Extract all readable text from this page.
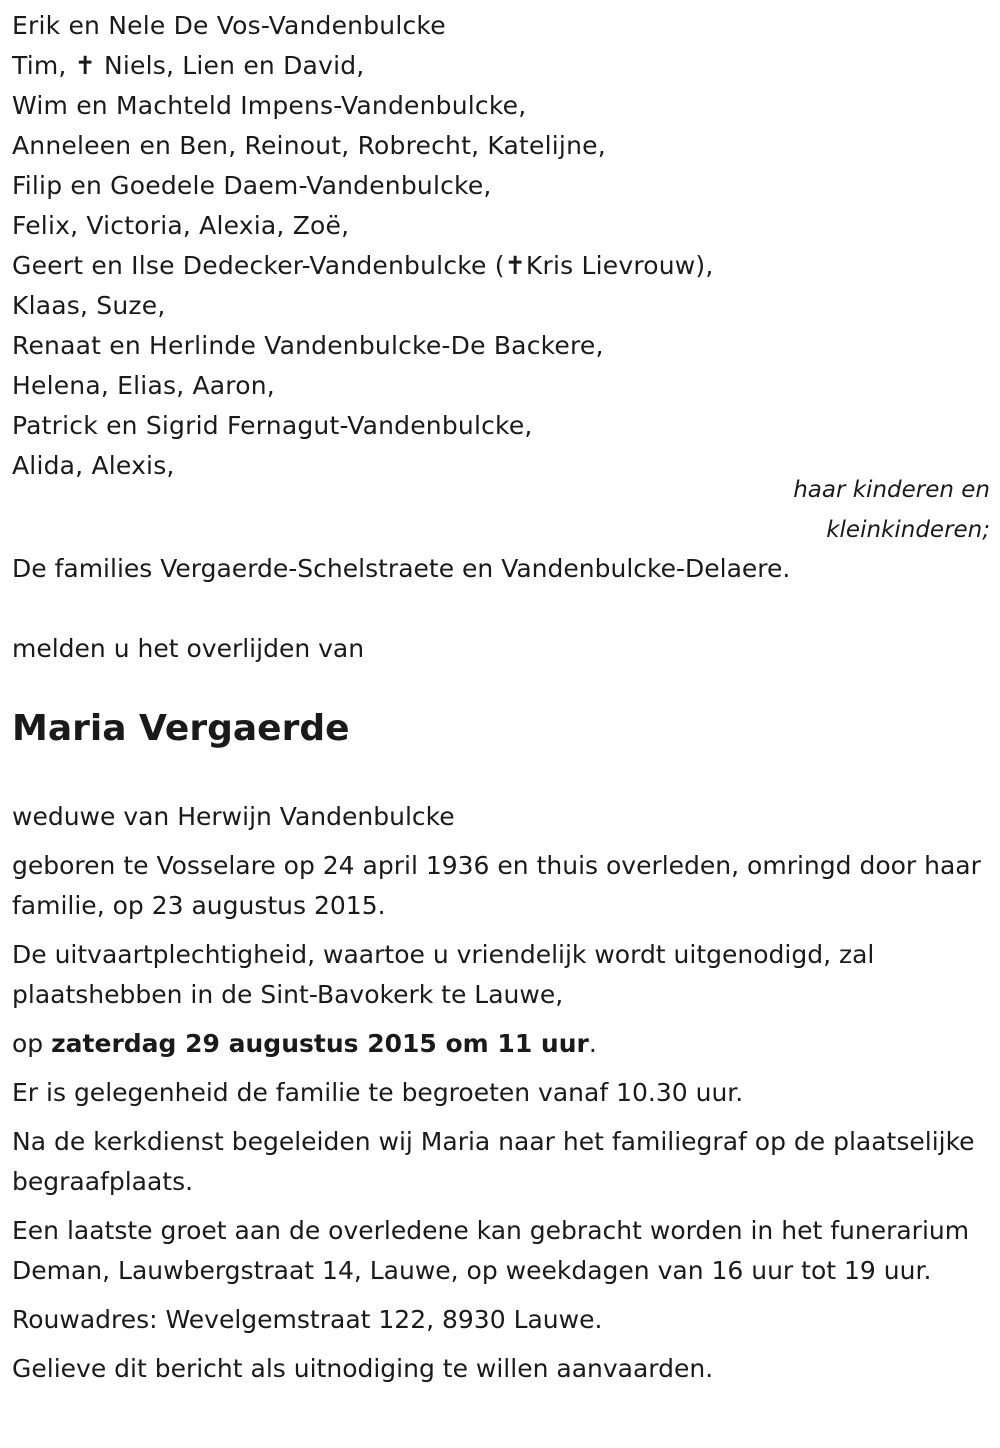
Erik en Nele De Vos-Vandenbulcke
Tim, ✝ Niels, Lien en David,
Wim en Machteld Impens-Vandenbulcke,
Anneleen en Ben, Reinout, Robrecht, Katelijne,
Filip en Goedele Daem-Vandenbulcke,
Felix, Victoria, Alexia, Zoë,
Geert en Ilse Dedecker-Vandenbulcke (✝Kris Lievrouw),
Klaas, Suze,
Renaat en Herlinde Vandenbulcke-De Backere,
Helena, Elias, Aaron,
Patrick en Sigrid Fernagut-Vandenbulcke,
Alida, Alexis,
haar kinderen en
kleinkinderen;
De families Vergaerde-Schelstraete en Vandenbulcke-Delaere.
melden u het overlijden van
Maria Vergaerde

weduwe van Herwijn Vandenbulcke

geboren te Vosselare op 24 april 1936 en thuis overleden, omringd door haar familie, op 23 augustus 2015.

De uitvaartplechtigheid, waartoe u vriendelijk wordt uitgenodigd, zal plaatshebben in de Sint-Bavokerk te Lauwe,

op zaterdag 29 augustus 2015 om 11 uur.

Er is gelegenheid de familie te begroeten vanaf 10.30 uur.

Na de kerkdienst begeleiden wij Maria naar het familiegraf op de plaatselijke begraafplaats.

Een laatste groet aan de overledene kan gebracht worden in het funerarium Deman, Lauwbergstraat 14, Lauwe, op weekdagen van 16 uur tot 19 uur.

Rouwadres: Wevelgemstraat 122, 8930 Lauwe.

Gelieve dit bericht als uitnodiging te willen aanvaarden.
